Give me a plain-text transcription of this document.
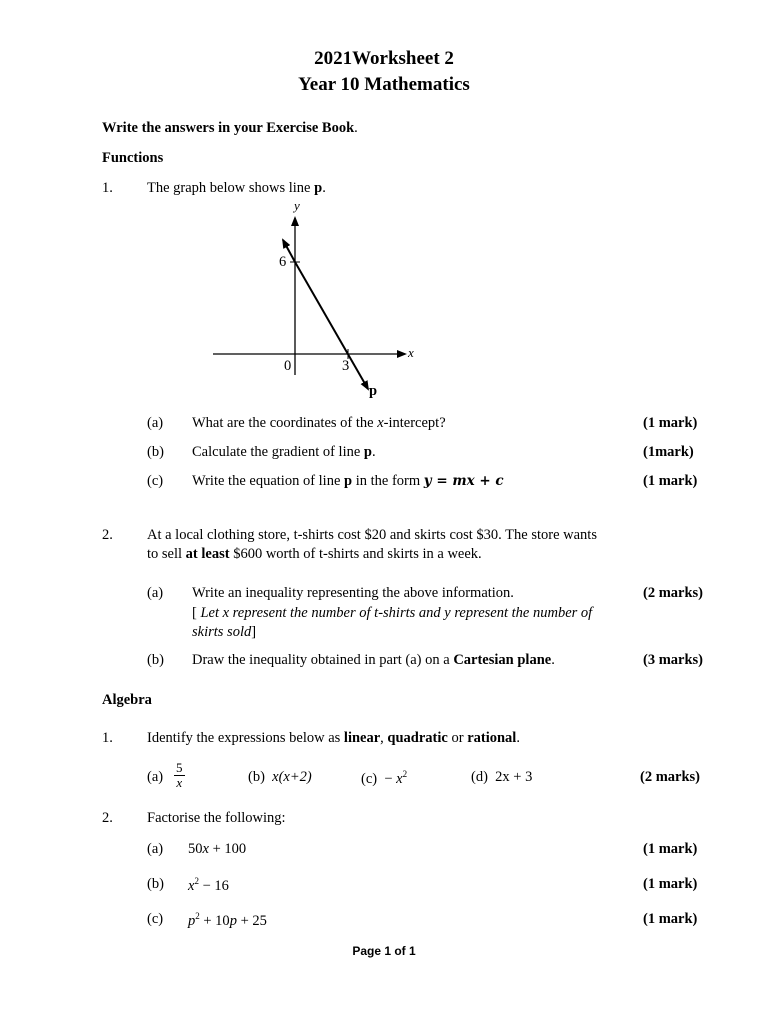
2021Worksheet 2
Year 10 Mathematics
Write the answers in your Exercise Book.
Functions
1. The graph below shows line p.
y
6
0	3
x
p
(a) What are the coordinates of the x-intercept?	(1 mark)
(b) Calculate the gradient of line p.	(1mark)
(c) Write the equation of line p in the form y = mx + c	(1 mark)
2. At a local clothing store, t-shirts cost $20 and skirts cost $30. The store wants
to sell at least $600 worth of t-shirts and skirts in a week.
(a) Write an inequality representing the above information.	(2 marks)
[ Let x represent the number of t-shirts and y represent the number of
skirts sold]
(b) Draw the inequality obtained in part (a) on a Cartesian plane.	(3 marks)
Algebra
1. Identify the expressions below as linear, quadratic or rational.
$(a) \frac{5}{x}$	(b) x(x+2)	$(c) - x^2$	(d) 2x + 3	(2 marks)
2. Factorise the following:
(a) 50x + 100	(1 mark)
(b) $x^2 - 16$	(1 mark)
(c) $p^2 + 10p + 25$	(1 mark)
Page 1 of 1
